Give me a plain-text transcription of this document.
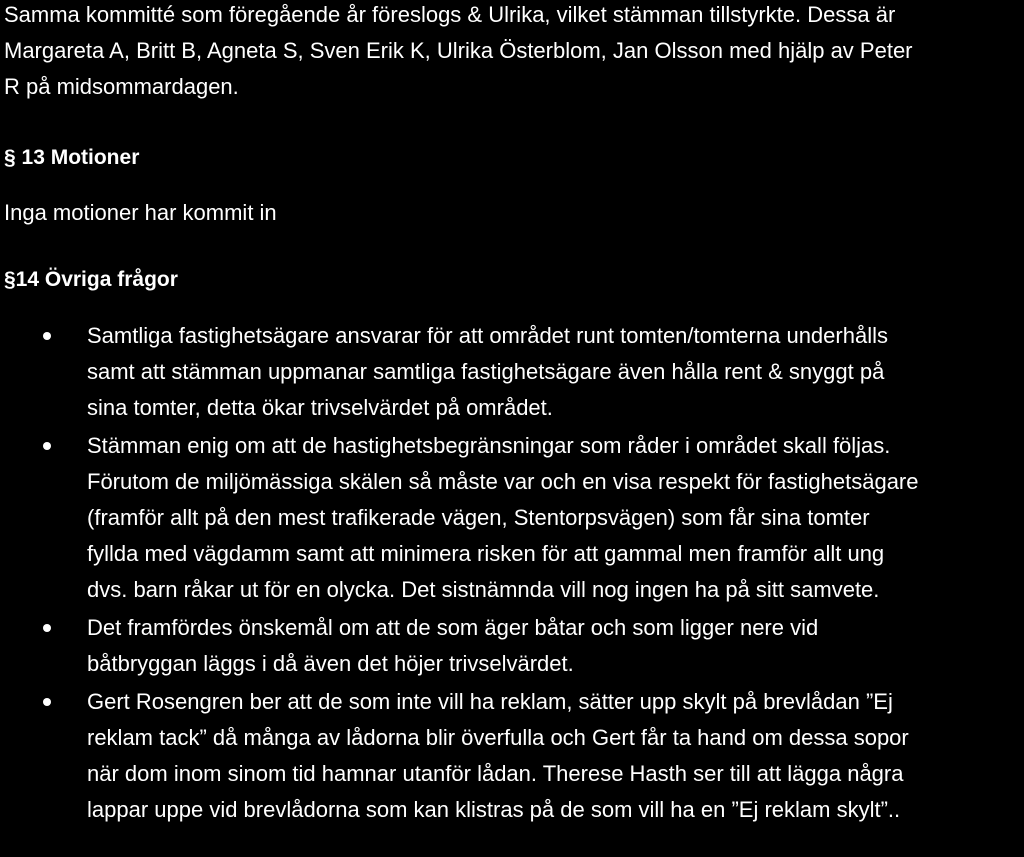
Samma kommitté som föregående år föreslogs & Ulrika, vilket stämman tillstyrkte. Dessa är
Margareta A, Britt B, Agneta S, Sven Erik K, Ulrika Österblom, Jan Olsson med hjälp av Peter
R på midsommardagen.
§ 13 Motioner

Inga motioner har kommit in

§14 Övriga frågor
Samtliga fastighetsägare ansvarar för att området runt tomten/tomterna underhålls
samt att stämman uppmanar samtliga fastighetsägare även hålla rent & snyggt på
sina tomter, detta ökar trivselvärdet på området.
Stämman enig om att de hastighetsbegränsningar som råder i området skall följas.
Förutom de miljömässiga skälen så måste var och en visa respekt för fastighetsägare
(framför allt på den mest trafikerade vägen, Stentorpsvägen) som får sina tomter
fyllda med vägdamm samt att minimera risken för att gammal men framför allt ung
dvs. barn råkar ut för en olycka. Det sistnämnda vill nog ingen ha på sitt samvete.
Det framfördes önskemål om att de som äger båtar och som ligger nere vid
båtbryggan läggs i då även det höjer trivselvärdet.
Gert Rosengren ber att de som inte vill ha reklam, sätter upp skylt på brevlådan ”Ej
reklam tack” då många av lådorna blir överfulla och Gert får ta hand om dessa sopor
när dom inom sinom tid hamnar utanför lådan. Therese Hasth ser till att lägga några
lappar uppe vid brevlådorna som kan klistras på de som vill ha en ”Ej reklam skylt”..
